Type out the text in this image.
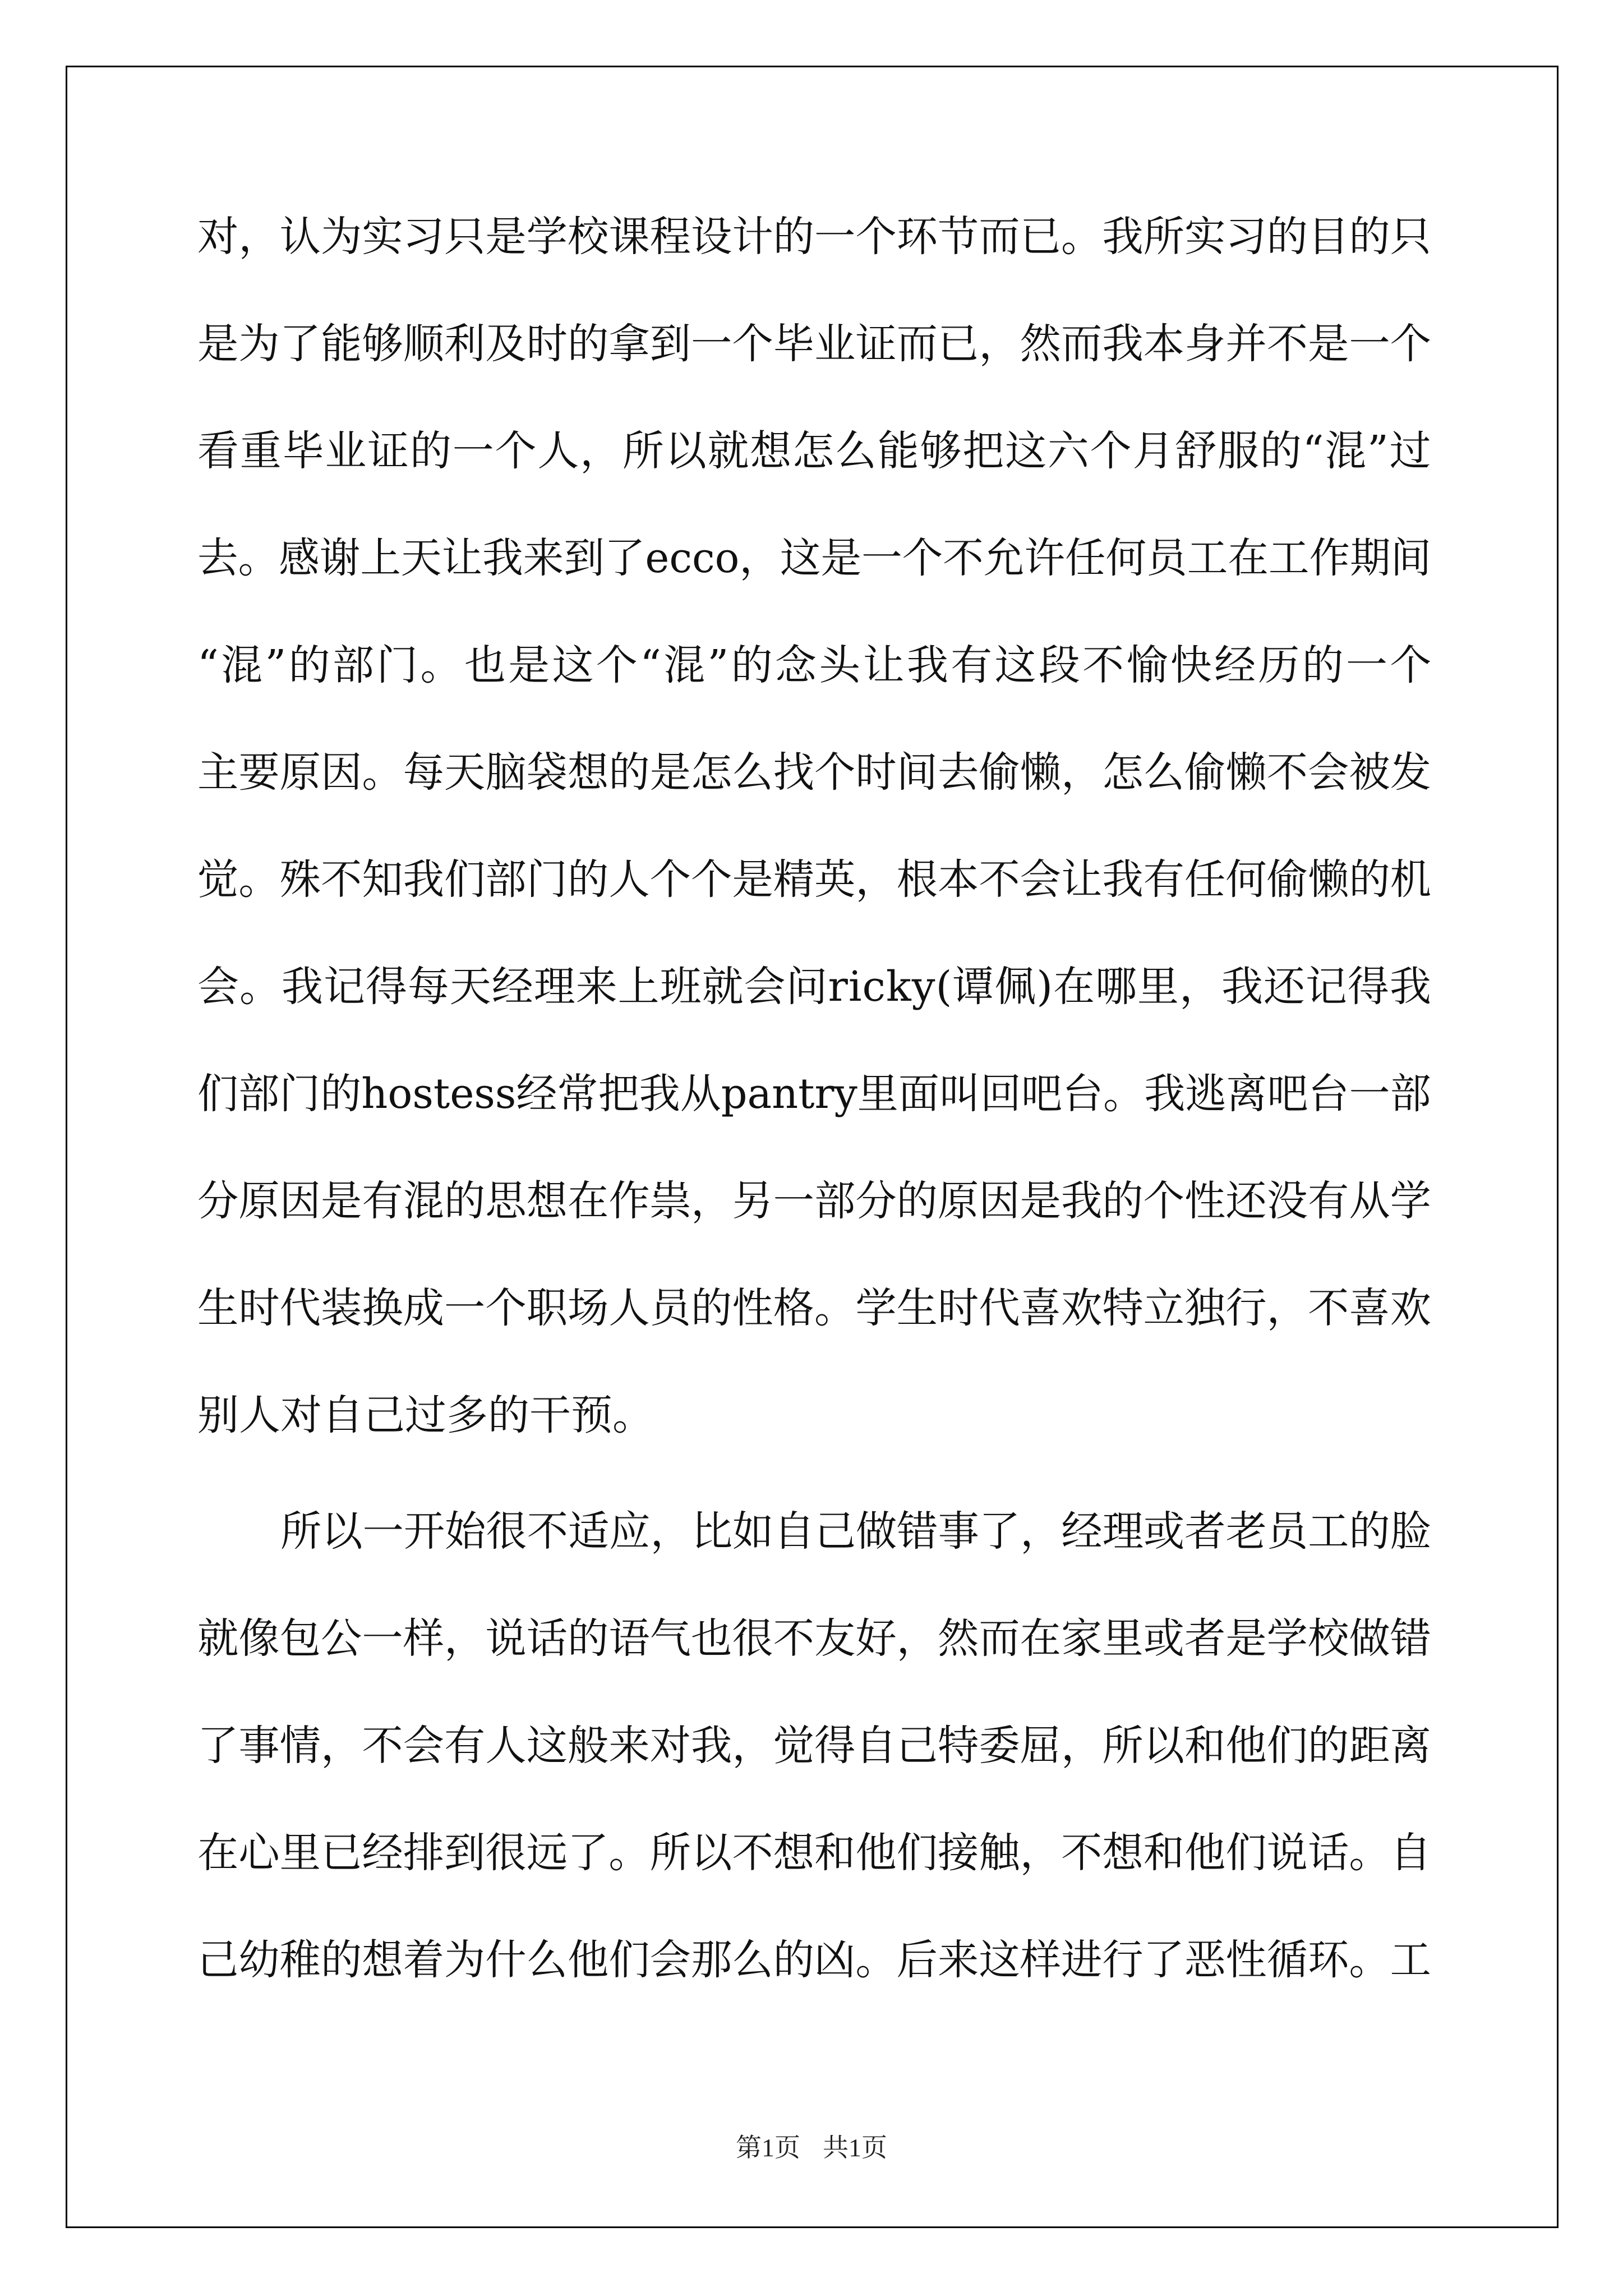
对，认为实习只是学校课程设计的一个环节而已。我所实习的目的只
是为了能够顺利及时的拿到一个毕业证而已，然而我本身并不是一个
看重毕业证的一个人，所以就想怎么能够把这六个月舒服的“混”过
去。感谢上天让我来到了ecco，这是一个不允许任何员工在工作期间
“混”的部门。也是这个“混”的念头让我有这段不愉快经历的一个
主要原因。每天脑袋想的是怎么找个时间去偷懒，怎么偷懒不会被发
觉。殊不知我们部门的人个个是精英，根本不会让我有任何偷懒的机
会。我记得每天经理来上班就会问ricky(谭佩)在哪里，我还记得我
们部门的hostess经常把我从pantry里面叫回吧台。我逃离吧台一部
分原因是有混的思想在作祟，另一部分的原因是我的个性还没有从学
生时代装换成一个职场人员的性格。学生时代喜欢特立独行，不喜欢
别人对自己过多的干预。
所以一开始很不适应，比如自己做错事了，经理或者老员工的脸
就像包公一样，说话的语气也很不友好，然而在家里或者是学校做错
了事情，不会有人这般来对我，觉得自己特委屈，所以和他们的距离
在心里已经排到很远了。所以不想和他们接触，不想和他们说话。自
己幼稚的想着为什么他们会那么的凶。后来这样进行了恶性循环。工
第1页 共1页
